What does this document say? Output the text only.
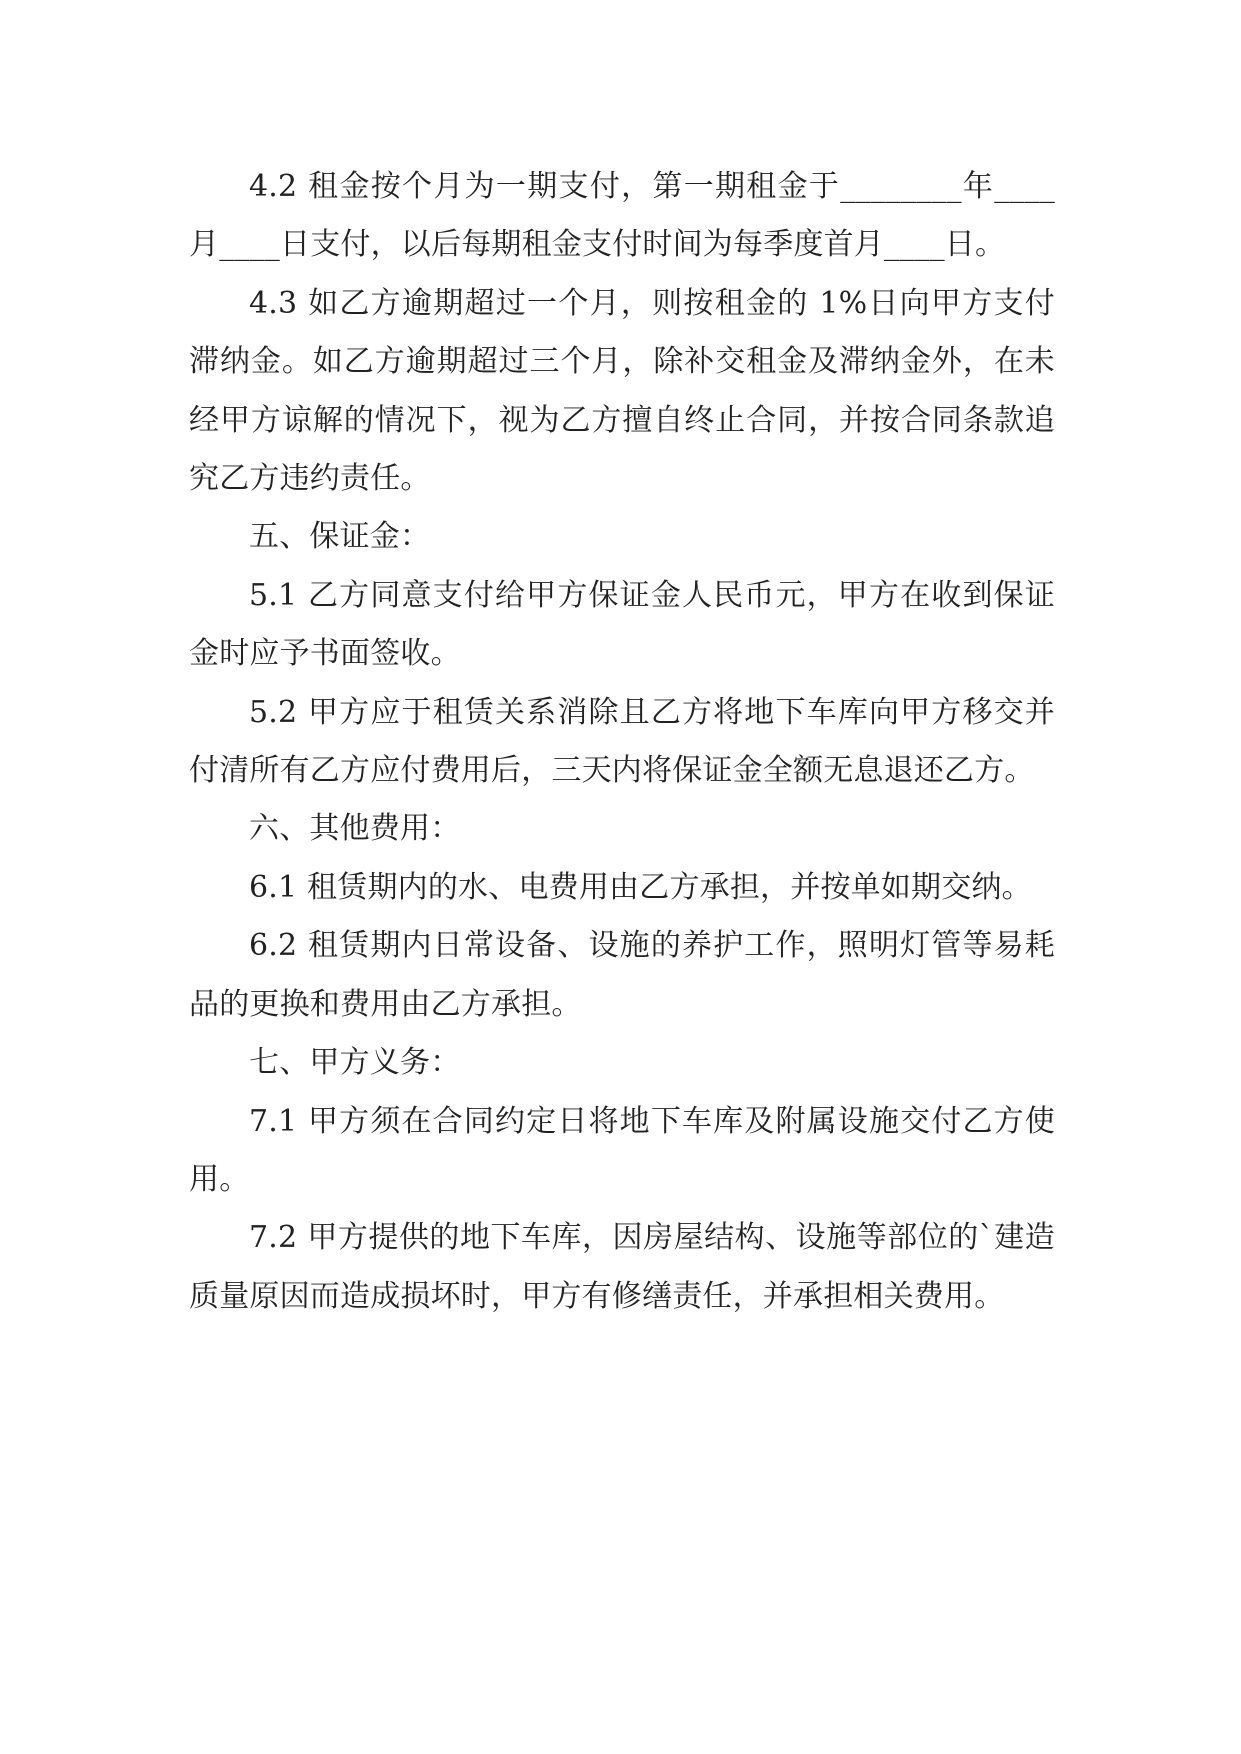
4.2 租金按个月为一期支付，第一期租金于________年____月____日支付，以后每期租金支付时间为每季度首月____日。

4.3 如乙方逾期超过一个月，则按租金的 1%日向甲方支付滞纳金。如乙方逾期超过三个月，除补交租金及滞纳金外，在未经甲方谅解的情况下，视为乙方擅自终止合同，并按合同条款追究乙方违约责任。

五、保证金：

5.1 乙方同意支付给甲方保证金人民币元，甲方在收到保证金时应予书面签收。

5.2 甲方应于租赁关系消除且乙方将地下车库向甲方移交并付清所有乙方应付费用后，三天内将保证金全额无息退还乙方。

六、其他费用：

6.1 租赁期内的水、电费用由乙方承担，并按单如期交纳。

6.2 租赁期内日常设备、设施的养护工作，照明灯管等易耗品的更换和费用由乙方承担。

七、甲方义务：

7.1 甲方须在合同约定日将地下车库及附属设施交付乙方使用。

7.2 甲方提供的地下车库，因房屋结构、设施等部位的`建造质量原因而造成损坏时，甲方有修缮责任，并承担相关费用。
